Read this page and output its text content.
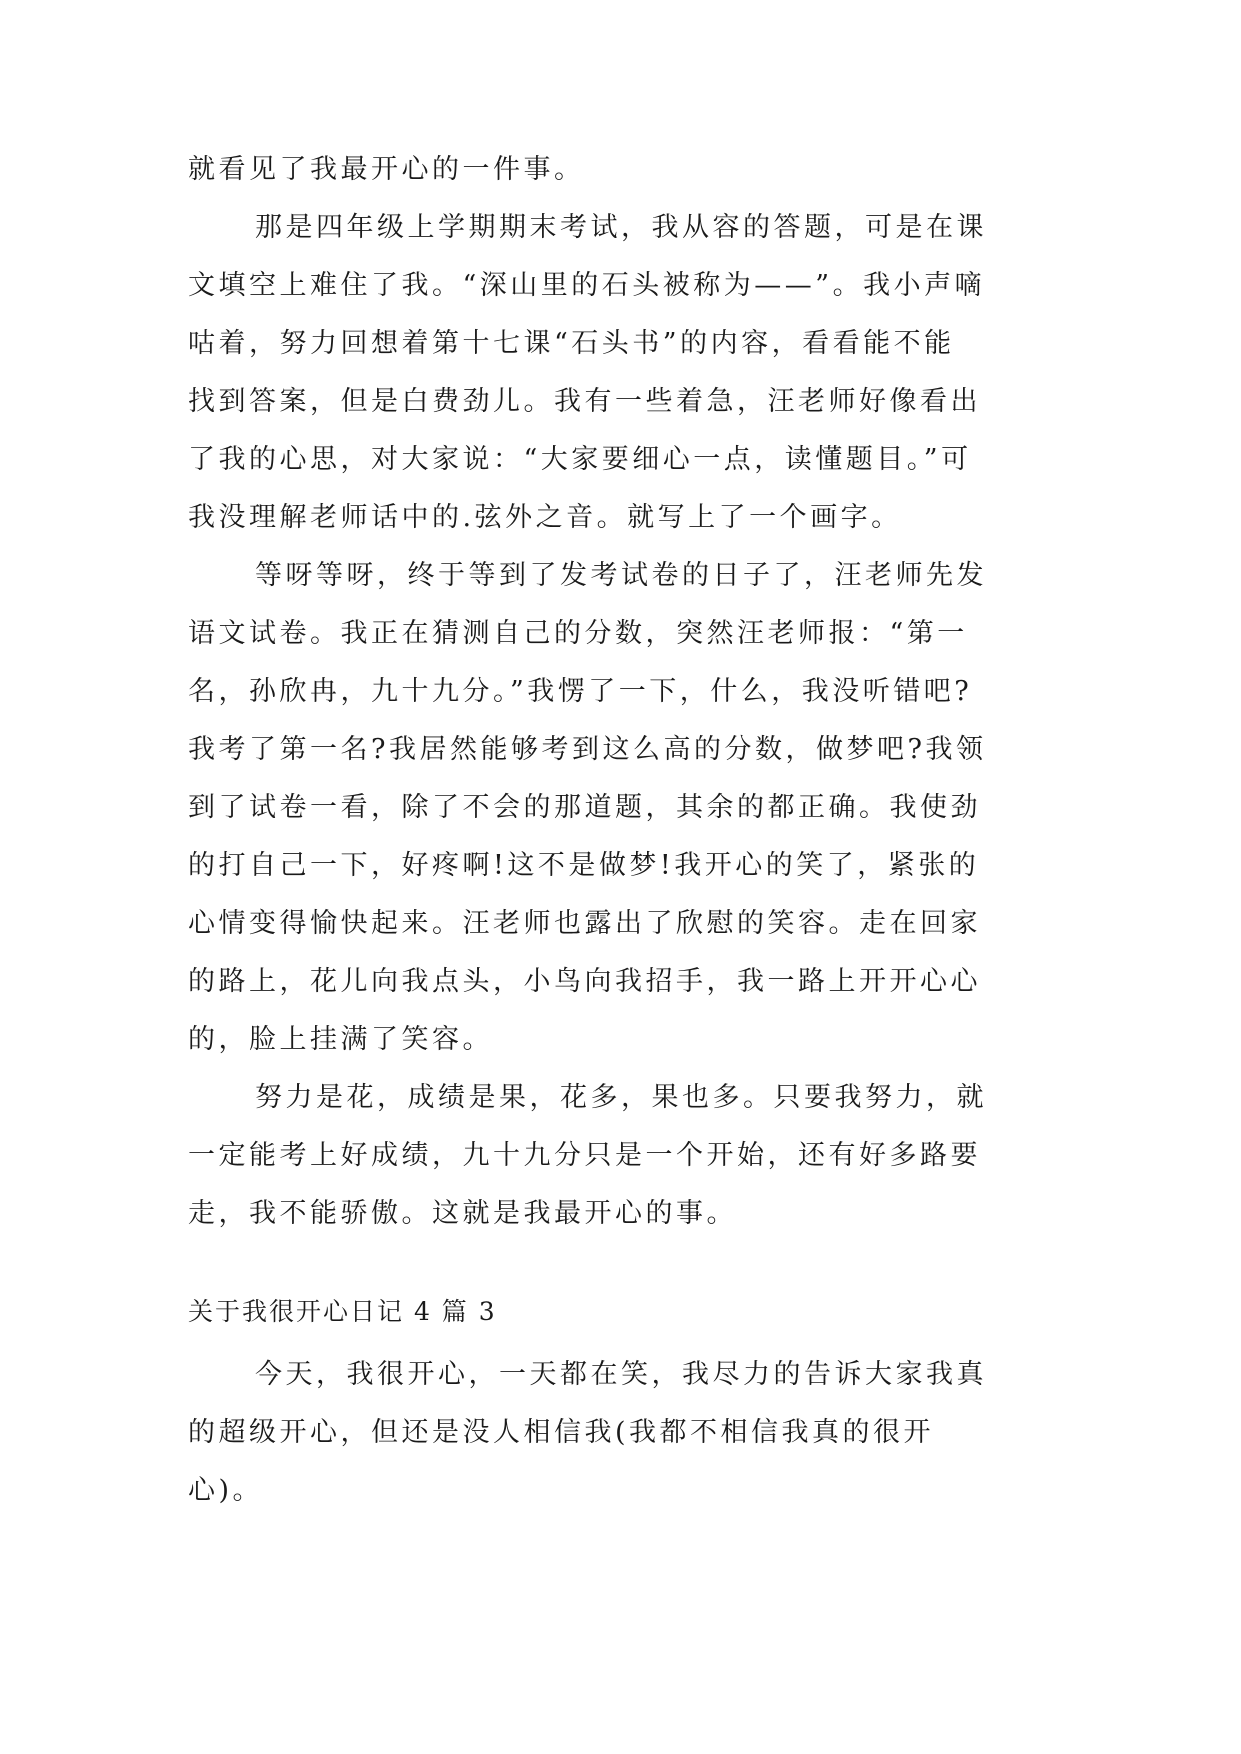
就看见了我最开心的一件事。
那是四年级上学期期末考试，我从容的答题，可是在课
文填空上难住了我。“深山里的石头被称为——”。我小声嘀
咕着，努力回想着第十七课“石头书”的内容，看看能不能
找到答案，但是白费劲儿。我有一些着急，汪老师好像看出
了我的心思，对大家说：“大家要细心一点，读懂题目。”可
我没理解老师话中的.弦外之音。就写上了一个画字。
等呀等呀，终于等到了发考试卷的日子了，汪老师先发
语文试卷。我正在猜测自己的分数，突然汪老师报：“第一
名，孙欣冉，九十九分。”我愣了一下，什么，我没听错吧?
我考了第一名?我居然能够考到这么高的分数，做梦吧?我领
到了试卷一看，除了不会的那道题，其余的都正确。我使劲
的打自己一下，好疼啊!这不是做梦!我开心的笑了，紧张的
心情变得愉快起来。汪老师也露出了欣慰的笑容。走在回家
的路上，花儿向我点头，小鸟向我招手，我一路上开开心心
的，脸上挂满了笑容。
努力是花，成绩是果，花多，果也多。只要我努力，就
一定能考上好成绩，九十九分只是一个开始，还有好多路要
走，我不能骄傲。这就是我最开心的事。
关于我很开心日记 4 篇 3
今天，我很开心，一天都在笑，我尽力的告诉大家我真
的超级开心，但还是没人相信我(我都不相信我真的很开
心)。
